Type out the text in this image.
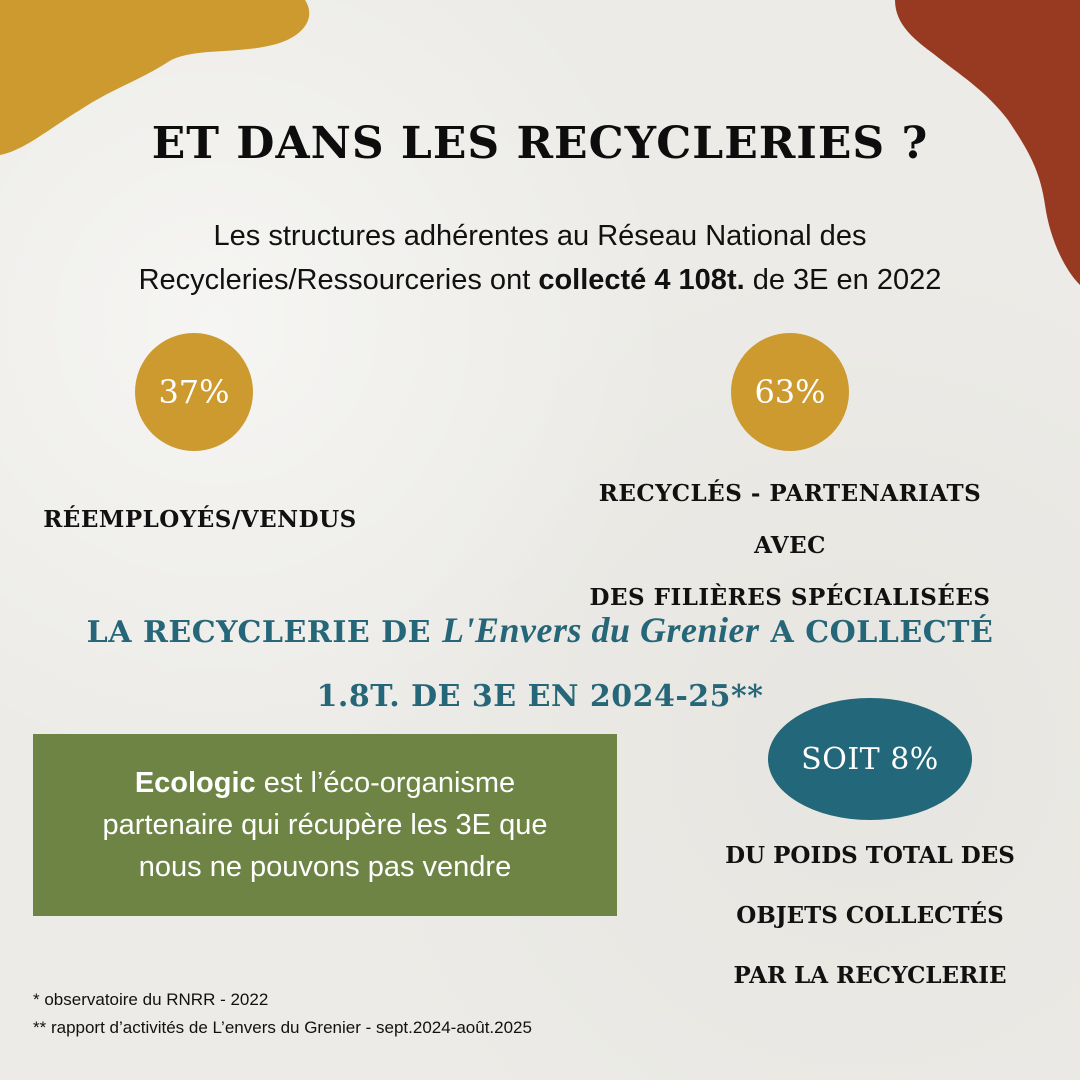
ET DANS LES RECYCLERIES ?
Les structures adhérentes au Réseau National des
Recycleries/Ressourceries ont collecté 4 108t. de 3E en 2022
37%
RÉEMPLOYÉS/VENDUS
63%
RECYCLÉS - PARTENARIATS AVEC
DES FILIÈRES SPÉCIALISÉES
LA RECYCLERIE DE L'Envers du Grenier A COLLECTÉ
1.8T. DE 3E EN 2024-25**
Ecologic est l’éco-organisme
partenaire qui récupère les 3E que
nous ne pouvons pas vendre
SOIT 8%
DU POIDS TOTAL DES
OBJETS COLLECTÉS
PAR LA RECYCLERIE
* observatoire du RNRR - 2022
** rapport d’activités de L’envers du Grenier - sept.2024-août.2025
